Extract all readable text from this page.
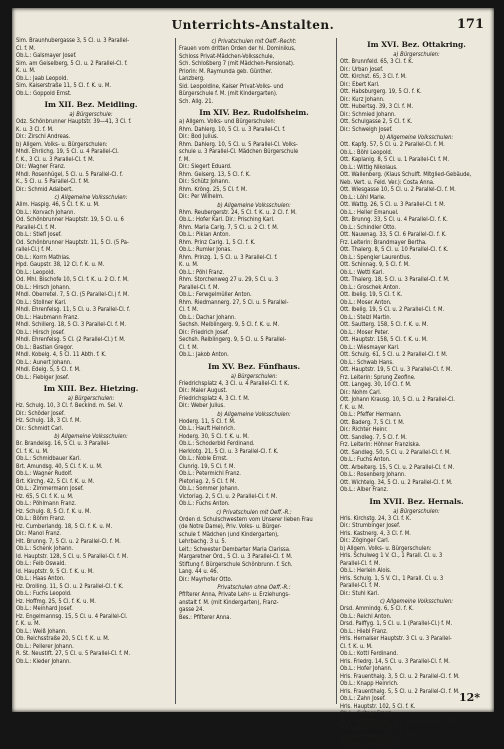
Unterrichts-Anstalten.	171
Sim. Braunhubergasse 3, 5 Cl. u. 3 Parallel-
Cl. f. M.
Ob.L.: Galsmayer Josef.
Sim. am Geiselberg, 5 Cl. u. 2 Parallel-Cl. f.
K. u. M.
Ob.L.: Jaab Leopold.
Sim. Kaiserstraße 11, 5 Cl. f. K. u. M.
Ob.L.: Goppold Ernst.
Im XII. Bez. Meidling.
a) Bürgerschule:
Odz. Schönbrunner Hauptstr. 39—41, 3 Cl. f.
K. u. 3 Cl. f. M.
Dir.: Zirschl Andreas.
b) Allgem. Volks- u. Bürgerschulen:
Mhdl. Ehrlichg. 19, 5 Cl. u. 4 Parallel-Cl.
f. K., 3 Cl. u. 3 Parallel-Cl. f. M.
Dir.: Wagner Franz.
Mhdl. Rosenhügel, 5 Cl. u. 5 Parallel-Cl. f.
K., 5 Cl. u. 5 Parallel-Cl. f. M.
Dir.: Schmid Adalbert.
c) Allgemeine Volksschulen:
Alim. Haspig. 46, 5 Cl. f. K. u. M.
Ob.L.: Korvach Johann.
Od. Schönbrunner Hauptstr. 19, 5 Cl. u. 6
Parallel-Cl. f. M.
Ob.L.: Stiefl Josef.
Od. Schönbrunner Hauptstr. 11, 5 Cl. (5 Pa-
rallel-Cl.) f. M.
Ob.L.: Korrn Mathias.
Hpd. Gaupstr. 38, 12 Cl. f. K. u. M.
Ob.L.: Leopold.
Od. Mhl. Bischofe 10, 5 Cl. f. K. u. 2 Cl. f. M.
Ob.L.: Hirsch Johann.
Mhdl. Oberretel. 7, 5 Cl. (5 Parallel-Cl.) f. M.
Ob.L.: Stollner Karl.
Mhdl. Ehrenfelsg. 11, 5 Cl. u. 3 Parallel-Cl. f.
Ob.L.: Haubmann Franz.
Mhdl. Schillerg. 18, 5 Cl. 3 Parallel-Cl. f. M.
Ob.L.: Hirsch Josef.
Mhdl. Ehrenfelsg. 5 Cl. (2 Parallel-Cl.) f. M.
Ob.L.: Bastian Gregor.
Mhdl. Kobelg. 4, 5 Cl. 11 Abth. f. K.
Ob.L.: Aunert Johann.
Mhdl. Edelg. 5, 5 Cl. f. M.
Ob.L.: Fiebiger Josef.
Im XIII. Bez. Hietzing.
a) Bürgerschulen:
Hz. Schulg. 10, 3 Cl. f. Beckind. m. Sel. V.
Dir.: Schöder Josef.
Hz. Schulg. 18, 3 Cl. f. M.
Dir.: Schmidt Carl.
b) Allgemeine Volksschulen:
Br. Brandeisg. 16, 5 Cl. u. 3 Parallel-
Cl. f. K. u. M.
Ob.L.: Schmidbauer Karl.
Brt. Amundsg. 40, 5 Cl. f. K. u. M.
Ob.L.: Wagner Rudolf.
Brt. Kirchg. 42, 5 Cl. f. K. u. M.
Ob.L.: Zimmermann Josef.
Hz. 65, 5 Cl. f. K. u. M.
Ob.L.: Pöhlmann Franz.
Hz. Schulg. 8, 5 Cl. f. K. u. M.
Ob.L.: Böhm Franz.
Hz. Cumberlandg. 18, 5 Cl. f. K. u. M.
Dir.: Manol Franz.
Hlt. Brunng. 7, 5 Cl. u. 2 Parallel-Cl. f. M.
Ob.L.: Schenk Johann.
Id. Hauptstr. 128, 5 Cl. u. 5 Parallel-Cl. f. M.
Ob.L.: Feib Oswald.
Id. Hauptstr. 9, 5 Cl. f. K. u. M.
Ob.L.: Haas Anton.
Hz. Drolling. 11, 5 Cl. u. 2 Parallel-Cl. f. K.
Ob.L.: Fuchs Leopold.
Hz. Hoffmg. 25, 5 Cl. f. K. u. M.
Ob.L.: Meinhard Josef.
Hz. Engelmannsg. 15, 5 Cl. u. 4 Parallel-Cl.
f. K. u. M.
Ob.L.: Weiß Johann.
Ob. Reichsstraße 20, 5 Cl. f. K. u. M.
Ob.L.: Pellerer Johann.
R. St. Neustift. 27, 5 Cl. u. 5 Parallel-Cl. f. M.
Ob.L.: Kieder Johann.
c) Privatschulen mit Oeff.-Recht:
Frauen vom dritten Orden der hl. Dominikus,
Schloss Privat-Mädchen-Volksschule,
Sch. Schloßberg 7 (mit Mädchen-Pensionat).
Priorin: M. Raymunda geb. Günther.
Lanzberg.
Sid. Leopoldine, Kaiser Privat-Volks- und
Bürgerschule f. M. (mit Kindergarten).
Sch. Allg. 21.
Im XIV. Bez. Rudolfsheim.
a) Allgem. Volks- und Bürgerschulen:
Rhm. Dahlerg. 10, 5 Cl. u. 3 Parallel-Cl. f.
Dir.: Bod Julius.
Rhm. Dahlerg. 10, 5 Cl. u. 5 Parallel-Cl. Volks-
schule u. 3 Parallel-Cl. Mädchen Bürgerschule
f. M.
Dir.: Siegert Eduard.
Rhm. Geiserg. 13, 5 Cl. f. K.
Dir.: Schütz Johann.
Rhm. Kröng. 25, 5 Cl. f. M.
Dir.: Per Wilhelm.
b) Allgemeine Volksschulen:
Rhm. Reubergerstr. 24, 5 Cl. f. K. u. 2 Cl. f. M.
Ob.L.: Hofer Karl. Dir.: Prisching Karl.
Rhm. Maria Carlg. 7, 5 Cl. u. 2 Cl. f. M.
Ob.L.: Piklan Anton.
Rhm. Prinz Carlg. 1, 5 Cl. f. K.
Ob.L.: Rumler Jonas.
Rhm. Prinzg. 1, 5 Cl. u. 3 Parallel-Cl. f.
K. u. M.
Ob.L.: Pöhl Franz.
Rhm. Storchenweg 27 u. 29, 5 Cl. u. 3
Parallel-Cl. f. M.
Ob.L.: Ferwgelmüller Anton.
Rhm. Riedmannerg. 27, 5 Cl. u. 5 Parallel-
Cl. f. M.
Ob.L.: Dachar Johann.
Sechsh. Meiblingerg. 9, 5 Cl. f. K. u. M.
Dir.: Friedrich Josef.
Sechsh. Reiblingerg. 9, 5 Cl. u. 5 Parallel-
Cl. f. M.
Ob.L.: Jakob Anton.
Im XV. Bez. Fünfhaus.
a) Bürgerschulen:
Friedrichsplatz 4, 3 Cl. u. 4 Parallel-Cl. f. K.
Dir.: Maier August.
Friedrichsplatz 4, 3 Cl. f. M.
Dir.: Weber Julius.
b) Allgemeine Volksschulen:
Hoderg. 11, 5 Cl. f. M.
Ob.L.: Hauft Heinrich.
Hoderg. 30, 5 Cl. f. K. u. M.
Ob.L.: Schoderbid Ferdinand.
Herklotg. 21, 5 Cl. u. 3 Parallel-Cl. f. K.
Ob.L.: Noble Ernst.
Clunrig. 19, 5 Cl. f. M.
Ob.L.: Petermichl Franz.
Pietoriag. 2, 5 Cl. f. M.
Ob.L.: Sommer Johann.
Victoriag. 2, 5 Cl. u. 2 Parallel-Cl. f. M.
Ob.L.: Fuchs Anton.
c) Privatschulen mit Oeff.-R.:
Orden d. Schulschwestern vom Unserer lieben Frau
(de Notre Dame), Priv. Volks- u. Bürger-
schule f. Mädchen (und Kindergarten),
Lehrbachg. 3 u. 5.
Leit.: Schwester Dembarter Maria Clarissa.
Margaretner Ord., 5 Cl. u. 3 Parallel-Cl. f. M.
Stiftung f. Bürgerschule Schönbrunn. f. Sch.
Lang. 44 u. 46.
Dir.: Mayrhofer Otto.
Privatschulen ohne Oeff.-R.:
Pfiſterer Anna, Private Lehr- u. Erziehungs-
anstalt f. M. (mit Kindergarten), Franz-
gasse 24.
Bes.: Pfiſterer Anna.
Im XVI. Bez. Ottakring.
a) Bürgerschulen:
Ott. Brunnfeld. 65, 3 Cl. f. K.
Dir.: Urban Josef.
Ott. Kirchst. 65, 3 Cl. f. M.
Dir.: Ebert Karl.
Ott. Habsburgerg. 19, 5 Cl. f. K.
Dir.: Kurz Johann.
Ott. Hubertsg. 39, 3 Cl. f. M.
Dir.: Schmied Johann.
Ott. Schulgasse 2, 5 Cl. f. K.
Dir.: Schweigh Josef.
b) Allgemeine Volksschulen:
Ott. Kapfg. 57, 5 Cl. u. 2 Parallel-Cl. f. M.
Ob.L.: Böhl Leopold.
Ott. Kaplanig. 8, 5 Cl. u. 1 Parallel-Cl. f. M.
Ob.L.: Wittig Nikolaus.
Ott. Wallenberg. (Klaus Schulft. Mitglied-Gebäude,
Neb. Vert. u. Feld. Ver.): Costa Anna.
Ott. Wiesgasse 10, 5 Cl. u. 2 Parallel-Cl. f. M.
Ob.L.: Löhl Marie.
Ott. Wattg. 26, 5 Cl. u. 3 Parallel-Cl. f. M.
Ob.L.: Heller Emanuel.
Ott. Brunng. 33, 5 Cl. u. 4 Parallel-Cl. f. K.
Ob.L.: Schindler Otto.
Ott. Nauwnag. 33, 5 Cl. 6 Parallel-Cl. f. K.
Frz. Leiterin: Brandmayer Bertha.
Ott. Thalerg. 8, 5 Cl. u. 10 Parallel-Cl. f. K.
Ob.L.: Spengler Laurentius.
Ott. Schinnag. 9, 5 Cl. f. M.
Ob.L.: Wettl Karl.
Ott. Thalerg. 18, 5 Cl. u. 3 Parallel-Cl. f. M.
Ob.L.: Groschek Anton.
Ott. Ibelig. 19, 5 Cl. f. K.
Ob.L.: Moser Anton.
Ott. Ibelig. 19, 5 Cl. u. 2 Parallel-Cl. f. M.
Ob.L.: Stelzl Martin.
Ott. Sautterg. 158, 5 Cl. f. K. u. M.
Ob.L.: Moser Peter.
Ott. Hauptstr. 158, 5 Cl. f. K. u. M.
Ob.L.: Wiesmayer Karl.
Ott. Schulg. 61, 5 Cl. u. 2 Parallel-Cl. f. M.
Ob.L.: Schwab Hans.
Ott. Hauptstr. 19, 5 Cl. u. 3 Parallel-Cl. f. M.
Frz. Leiterin: Sprung Zeofine.
Ott. Langeg. 30, 10 Cl. f. M.
Dir.: Nohm Carl.
Ott. Johann Krausg. 10, 5 Cl. u. 2 Parallel-Cl.
f. K. u. M.
Ob.L.: Pfeffer Hermann.
Ott. Baderg. 7, 5 Cl. f. M.
Dir.: Richter Heinr.
Ott. Sandleg. 7, 5 Cl. f. M.
Frz. Leiterin: Höhner Franziska.
Ott. Sandleg. 50, 5 Cl. u. 2 Parallel-Cl. f. M.
Ob.L.: Fuchs Anton.
Ott. Arbeiterg. 15, 5 Cl. u. 2 Parallel-Cl. f. M.
Ob.L.: Rosenberg Johann.
Ott. Wichtelg. 34, 5 Cl. u. 2 Parallel-Cl. f. M.
Ob.L.: Alber Franz.
Im XVII. Bez. Hernals.
a) Bürgerschulen:
Hrls. Kirchstg. 24, 3 Cl. f. K.
Dir.: Strumbinger Josef.
Hrls. Kastnerg. 4, 3 Cl. f. M.
Dir.: Zöginger Carl.
b) Allgem. Volks- u. Bürgerschulen:
Hrls. Schulweg 1 V. Cl., 1 Parall. Cl. u. 3
Parallel-Cl. f. M.
Ob.L.: Herlein Alois.
Hrls. Schulg. 1, 5 V. Cl., 1 Parall. Cl. u. 3
Parallel-Cl. f. M.
Dir.: Stuhl Karl.
c) Allgemeine Volksschulen:
Drsd. Ammindg. 6, 5 Cl. f. K.
Ob.L.: Reichl Anton.
Drsd. Palffyg. 1, 5 Cl. u. 1 (Parallel-Cl.) f. M.
Ob.L.: Hiebl Franz.
Hrls. Hernalser Hauptstr. 3 Cl. u. 3 Parallel-
Cl. f. K. u. M.
Ob.L.: Kottl Ferdinand.
Hrls. Friedrg. 14, 5 Cl. u. 3 Parallel-Cl. f. M.
Ob.L.: Hofer Johann.
Hrls. Frauenthalg. 3, 5 Cl. u. 2 Parallel-Cl. f. M.
Ob.L.: Knapp Heinrich.
Hrls. Frauenthalg. 5, 5 Cl. u. 2 Parallel-Cl. f. M.
Ob.L.: Zahn Josef.
Hrls. Hauptstr. 102, 5 Cl. f. K.
Ob.L.: Gritner Franz.
Hrls. Hauptstr. 102, 5 Cl. u. 3 Parallel-Cl. f. M.
Frz. Leiterin: Schicht Frz.
Hrls. Leopoldsg. 37, 5 Cl. f. M.
Provisor.: Liebisch Karl.
12*
